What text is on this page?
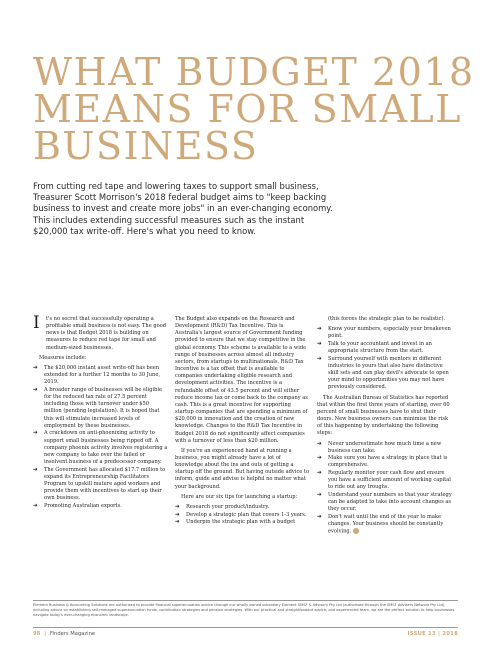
WHAT BUDGET 2018
MEANS FOR SMALL
BUSINESS

From cutting red tape and lowering taxes to support small business, Treasurer Scott Morrison's 2018 federal budget aims to "keep backing business to invest and create more jobs" in an ever-changing economy. This includes extending successful measures such as the instant $20,000 tax write-off. Here's what you need to know.

I t's no secret that successfully operating a profitable small business is not easy. The good news is that Budget 2018 is building on measures to reduce red tape for small and medium-sized businesses.
Measures include:
➔ The $20,000 instant asset write-off has been extended for a further 12 months to 30 June, 2019.
➔ A broader range of businesses will be eligible for the reduced tax rate of 27.5 percent including those with turnover under $50 million (pending legislation). It is hoped that this will stimulate increased levels of employment by these businesses.
➔ A crackdown on anti-phoenixing activity to support small businesses being ripped off. A company phoenix activity involves registering a new company to take over the failed or insolvent business of a predecessor company.
➔ The Government has allocated $17.7 million to expand its Entrepreneurship Facilitators Program to upskill mature aged workers and provide them with incentives to start up their own business.
➔ Promoting Australian exports.
The Budget also expands on the Research and Development (R&D) Tax Incentive. This is Australia's largest source of Government funding provided to ensure that we stay competitive in the global economy. This scheme is available to a wide range of businesses across almost all industry sectors, from startups to multinationals. R&D Tax Incentive is a tax offset that is available to companies undertaking eligible research and development activities. The incentive is a refundable offset of 43.5 percent and will either reduce income tax or come back to the company as cash. This is a great incentive for supporting startup companies that are spending a minimum of $20,000 in innovation and the creation of new knowledge. Changes to the R&D Tax Incentive in Budget 2018 do not significantly affect companies with a turnover of less than $20 million.
If you're an experienced hand at running a business, you might already have a lot of knowledge about the ins and outs of getting a startup off the ground. But having outside advice to inform, guide and advise is helpful no matter what your background.
Here are our six tips for launching a startup:
➔ Research your product/industry.
➔ Develop a strategic plan that covers 1-3 years.
➔ Underpin the strategic plan with a budget
(this forces the strategic plan to be realistic).
➔ Know your numbers, especially your breakeven point.
➔ Talk to your accountant and invest in an appropriate structure from the start.
➔ Surround yourself with mentors in different industries to yours that also have distinctive skill sets and can play devil's advocate to open your mind to opportunities you may not have previously considered.
The Australian Bureau of Statistics has reported that within the first three years of starting, over 60 percent of small businesses have to shut their doors. New business owners can minimise the risk of this happening by undertaking the following steps:
➔ Never underestimate how much time a new business can take.
➔ Make sure you have a strategy in place that is comprehensive.
➔ Regularly monitor your cash flow and ensure you have a sufficient amount of working capital to ride out any troughs.
➔ Understand your numbers so that your strategy can be adapted to take into account changes as they occur.
➔ Don't wait until the end of the year to make changes. Your business should be constantly evolving.

Element Business & Accounting Solutions are authorised to provide financial superannuation advice through our wholly owned subsidiary Element SMSF & Advisory Pty Ltd (authorised through the SMSF Advisers Network Pty Ltd), including advice on establishing self-managed superannuation funds, contribution strategies and pension strategies. With our practical and straightforward advice, and experienced team, we are the perfect solution to help businesses navigate today's ever-changing economic landscape.

98 | Finders Magazine	ISSUE 13 | 2018
